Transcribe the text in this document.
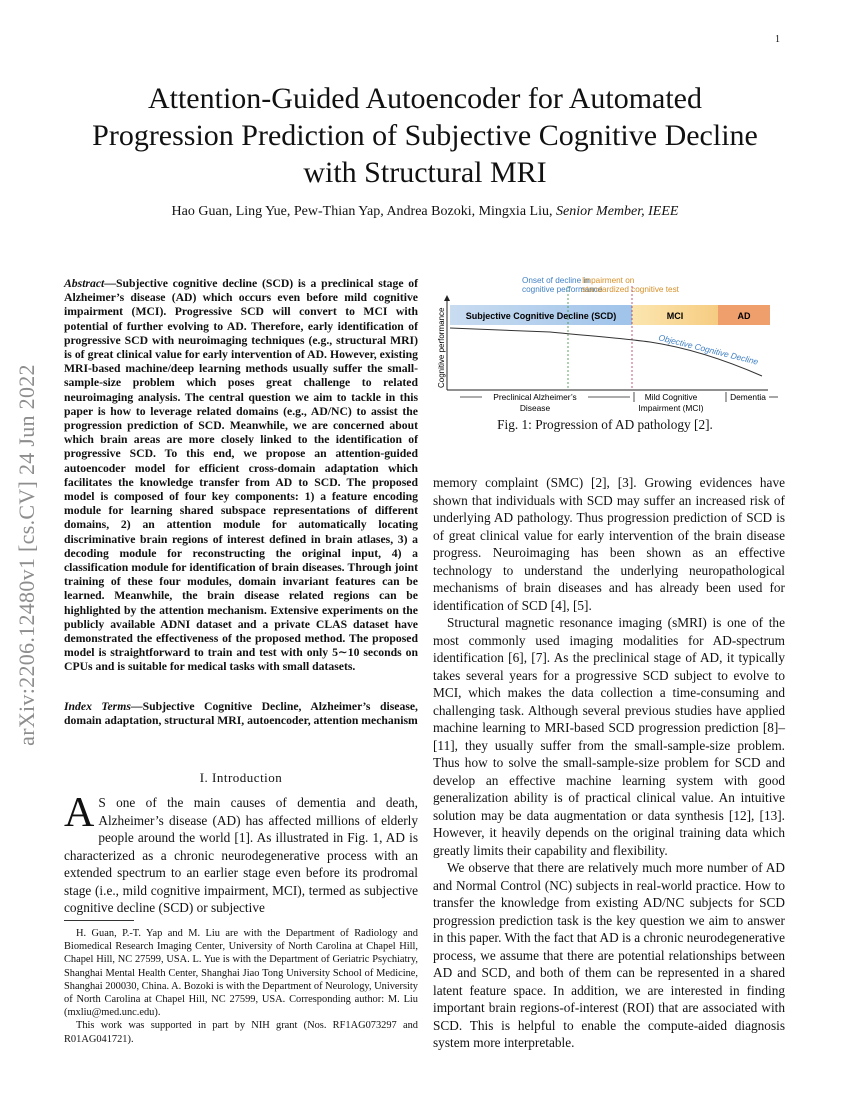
1
arXiv:2206.12480v1 [cs.CV] 24 Jun 2022
Attention-Guided Autoencoder for Automated Progression Prediction of Subjective Cognitive Decline with Structural MRI
Hao Guan, Ling Yue, Pew-Thian Yap, Andrea Bozoki, Mingxia Liu, Senior Member, IEEE
Abstract—Subjective cognitive decline (SCD) is a preclinical stage of Alzheimer’s disease (AD) which occurs even before mild cognitive impairment (MCI). Progressive SCD will convert to MCI with potential of further evolving to AD. Therefore, early identification of progressive SCD with neuroimaging techniques (e.g., structural MRI) is of great clinical value for early intervention of AD. However, existing MRI-based machine/deep learning methods usually suffer the small-sample-size problem which poses great challenge to related neuroimaging analysis. The central question we aim to tackle in this paper is how to leverage related domains (e.g., AD/NC) to assist the progression prediction of SCD. Meanwhile, we are concerned about which brain areas are more closely linked to the identification of progressive SCD. To this end, we propose an attention-guided autoencoder model for efficient cross-domain adaptation which facilitates the knowledge transfer from AD to SCD. The proposed model is composed of four key components: 1) a feature encoding module for learning shared subspace representations of different domains, 2) an attention module for automatically locating discriminative brain regions of interest defined in brain atlases, 3) a decoding module for reconstructing the original input, 4) a classification module for identification of brain diseases. Through joint training of these four modules, domain invariant features can be learned. Meanwhile, the brain disease related regions can be highlighted by the attention mechanism. Extensive experiments on the publicly available ADNI dataset and a private CLAS dataset have demonstrated the effectiveness of the proposed method. The proposed model is straightforward to train and test with only 5∼10 seconds on CPUs and is suitable for medical tasks with small datasets.
Index Terms—Subjective Cognitive Decline, Alzheimer’s disease, domain adaptation, structural MRI, autoencoder, attention mechanism
I. Introduction
A S one of the main causes of dementia and death, Alzheimer’s disease (AD) has affected millions of elderly people around the world [1]. As illustrated in Fig. 1, AD is characterized as a chronic neurodegenerative process with an extended spectrum to an earlier stage even before its prodromal stage (i.e., mild cognitive impairment, MCI), termed as subjective cognitive decline (SCD) or subjective

H. Guan, P.-T. Yap and M. Liu are with the Department of Radiology and Biomedical Research Imaging Center, University of North Carolina at Chapel Hill, Chapel Hill, NC 27599, USA. L. Yue is with the Department of Geriatric Psychiatry, Shanghai Mental Health Center, Shanghai Jiao Tong University School of Medicine, Shanghai 200030, China. A. Bozoki is with the Department of Neurology, University of North Carolina at Chapel Hill, NC 27599, USA. Corresponding author: M. Liu (mxliu@med.unc.edu).

This work was supported in part by NIH grant (Nos. RF1AG073297 and R01AG041721).

Onset of decline in
cognitive performance
Impairment on
standardized cognitive test
Cognitive performance Subjective Cognitive Decline (SCD)	MCI	AD
Objective Cognitive Decline
Preclinical Alzheimer’s
Disease
Mild Cognitive
Impairment (MCI)
Dementia
Fig. 1: Progression of AD pathology [2].

memory complaint (SMC) [2], [3]. Growing evidences have shown that individuals with SCD may suffer an increased risk of underlying AD pathology. Thus progression prediction of SCD is of great clinical value for early intervention of the brain disease progress. Neuroimaging has been shown as an effective technology to understand the underlying neuropathological mechanisms of brain diseases and has already been used for identification of SCD [4], [5].

Structural magnetic resonance imaging (sMRI) is one of the most commonly used imaging modalities for AD-spectrum identification [6], [7]. As the preclinical stage of AD, it typically takes several years for a progressive SCD subject to evolve to MCI, which makes the data collection a time-consuming and challenging task. Although several previous studies have applied machine learning to MRI-based SCD progression prediction [8]–[11], they usually suffer from the small-sample-size problem. Thus how to solve the small-sample-size problem for SCD and develop an effective machine learning system with good generalization ability is of practical clinical value. An intuitive solution may be data augmentation or data synthesis [12], [13]. However, it heavily depends on the original training data which greatly limits their capability and flexibility.

We observe that there are relatively much more number of AD and Normal Control (NC) subjects in real-world practice. How to transfer the knowledge from existing AD/NC subjects for SCD progression prediction task is the key question we aim to answer in this paper. With the fact that AD is a chronic neurodegenerative process, we assume that there are potential relationships between AD and SCD, and both of them can be represented in a shared latent feature space. In addition, we are interested in finding important brain regions-of-interest (ROI) that are associated with SCD. This is helpful to enable the compute-aided diagnosis system more interpretable.
